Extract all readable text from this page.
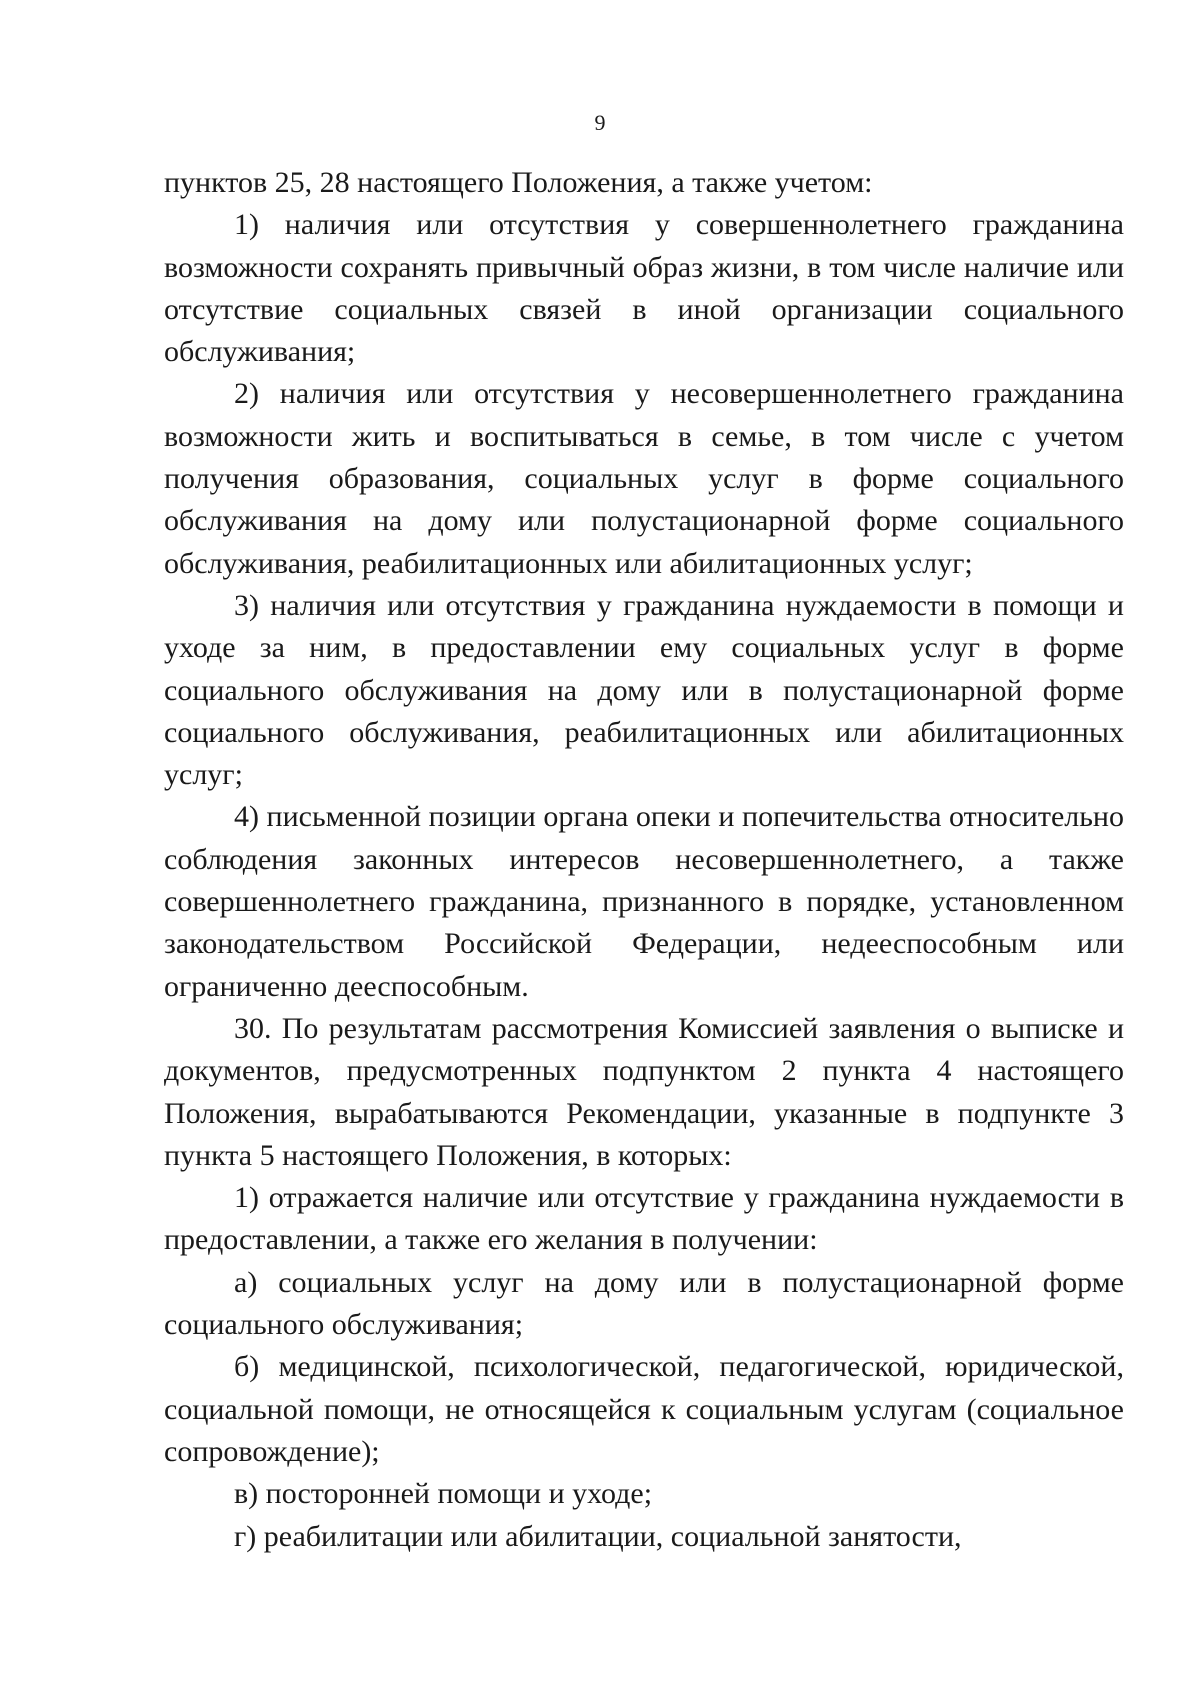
9

пунктов 25, 28 настоящего Положения, а также учетом:

1) наличия или отсутствия у совершеннолетнего гражданина возможности сохранять привычный образ жизни, в том числе наличие или отсутствие социальных связей в иной организации социального обслуживания;

2) наличия или отсутствия у несовершеннолетнего гражданина возможности жить и воспитываться в семье, в том числе с учетом получения образования, социальных услуг в форме социального обслуживания на дому или полустационарной форме социального обслуживания, реабилитационных или абилитационных услуг;

3) наличия или отсутствия у гражданина нуждаемости в помощи и уходе за ним, в предоставлении ему социальных услуг в форме социального обслуживания на дому или в полустационарной форме социального обслуживания, реабилитационных или абилитационных услуг;

4) письменной позиции органа опеки и попечительства относительно соблюдения законных интересов несовершеннолетнего, а также совершеннолетнего гражданина, признанного в порядке, установленном законодательством Российской Федерации, недееспособным или ограниченно дееспособным.

30. По результатам рассмотрения Комиссией заявления о выписке и документов, предусмотренных подпунктом 2 пункта 4 настоящего Положения, вырабатываются Рекомендации, указанные в подпункте 3 пункта 5 настоящего Положения, в которых:

1) отражается наличие или отсутствие у гражданина нуждаемости в предоставлении, а также его желания в получении:

а) социальных услуг на дому или в полустационарной форме социального обслуживания;

б) медицинской, психологической, педагогической, юридической, социальной помощи, не относящейся к социальным услугам (социальное сопровождение);

в) посторонней помощи и уходе;

г) реабилитации или абилитации, социальной занятости,
